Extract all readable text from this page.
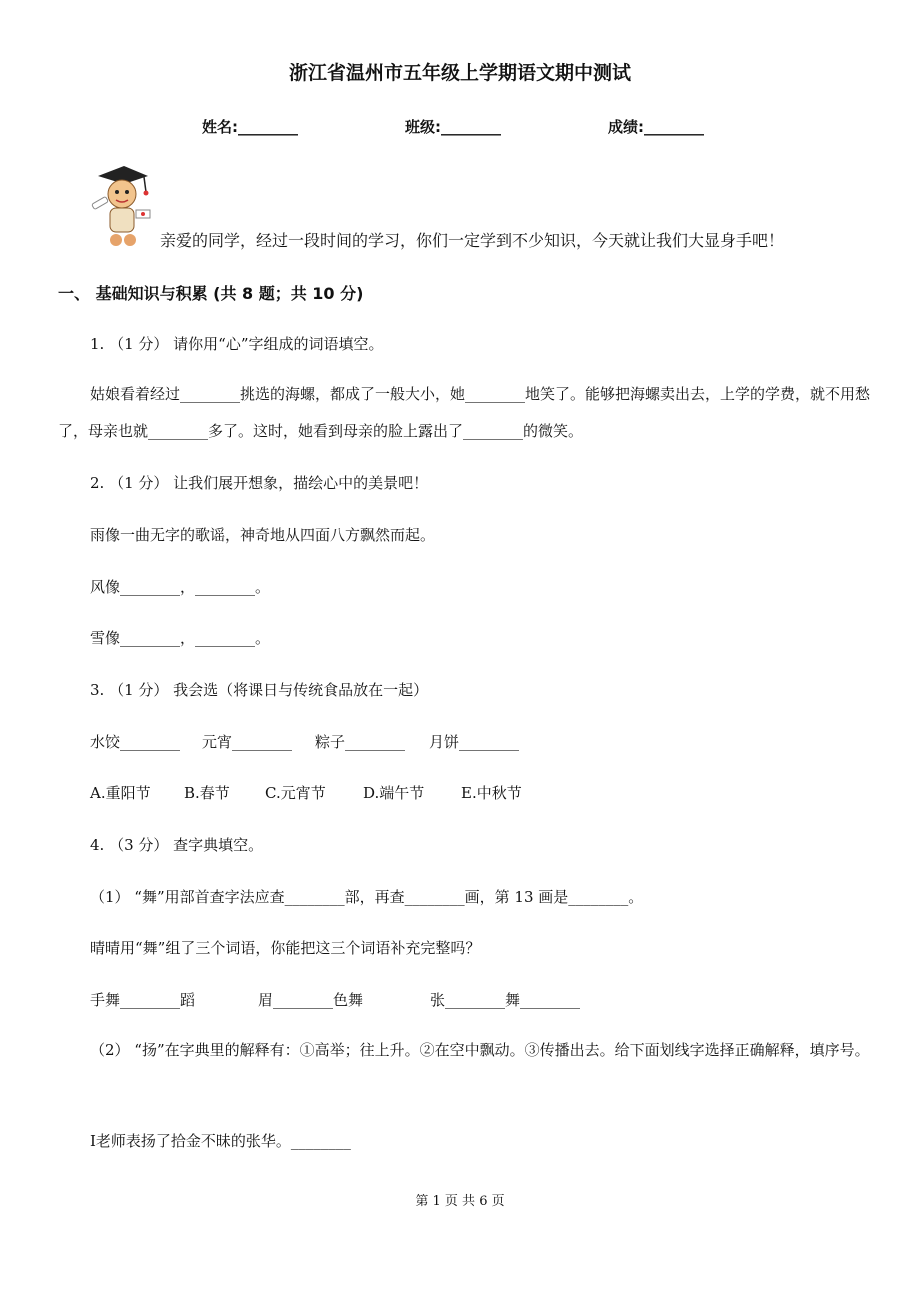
浙江省温州市五年级上学期语文期中测试
姓名:________	班级:________	成绩:________
亲爱的同学，经过一段时间的学习，你们一定学到不少知识，今天就让我们大显身手吧！
一、 基础知识与积累 (共 8 题；共 10 分)
1. （1 分） 请你用“心”字组成的词语填空。
姑娘看着经过________挑选的海螺，都成了一般大小，她________地笑了。能够把海螺卖出去，上学的学费，就不用愁了，母亲也就________多了。这时，她看到母亲的脸上露出了________的微笑。
2. （1 分） 让我们展开想象，描绘心中的美景吧！
雨像一曲无字的歌谣，神奇地从四面八方飘然而起。
风像________，________。
雪像________，________。
3. （1 分） 我会选（将课日与传统食品放在一起）
水饺________ 元宵________ 粽子________ 月饼________
A.重阳节 B.春节 C.元宵节 D.端午节 E.中秋节
4. （3 分） 查字典填空。
（1） “舞”用部首查字法应查________部，再查________画，第 13 画是________。
晴晴用“舞”组了三个词语，你能把这三个词语补充完整吗？
手舞________蹈	眉________色舞	张________舞________
（2） “扬”在字典里的解释有：①高举；往上升。②在空中飘动。③传播出去。给下面划线字选择正确解释，填序号。
Ⅰ老师表扬了拾金不昧的张华。________
第 1 页 共 6 页
